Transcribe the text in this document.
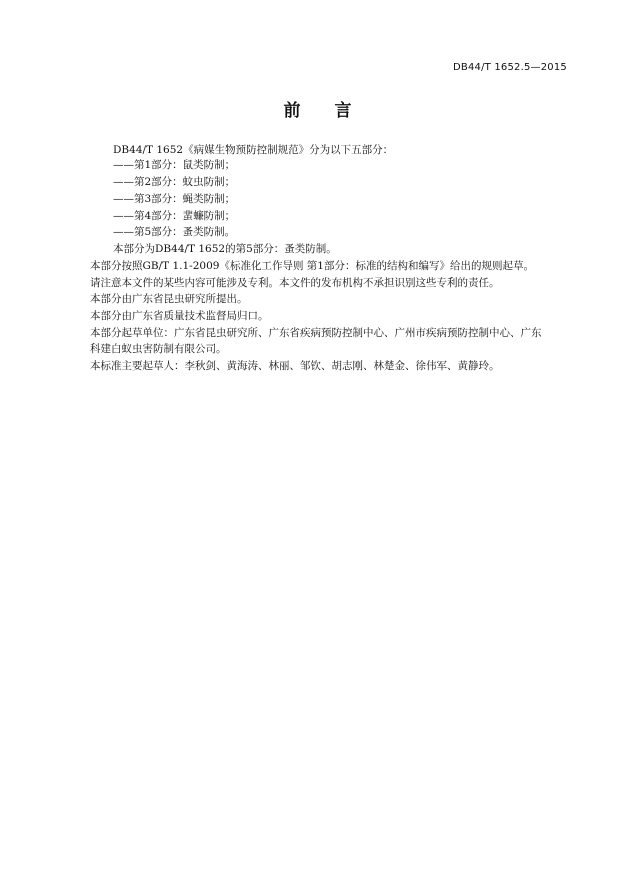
DB44/T 1652.5—2015
前 言
DB44/T 1652《病媒生物预防控制规范》分为以下五部分：
——第1部分：鼠类防制；
——第2部分：蚊虫防制；
——第3部分：蝇类防制；
——第4部分：蜚蠊防制；
——第5部分：蚤类防制。
本部分为DB44/T 1652的第5部分：蚤类防制。
本部分按照GB/T 1.1-2009《标准化工作导则 第1部分：标准的结构和编写》给出的规则起草。
请注意本文件的某些内容可能涉及专利。本文件的发布机构不承担识别这些专利的责任。
本部分由广东省昆虫研究所提出。
本部分由广东省质量技术监督局归口。
本部分起草单位：广东省昆虫研究所、广东省疾病预防控制中心、广州市疾病预防控制中心、广东
科建白蚁虫害防制有限公司。
本标准主要起草人：李秋剑、黄海涛、林丽、邹钦、胡志刚、林楚金、徐伟军、黄静玲。
